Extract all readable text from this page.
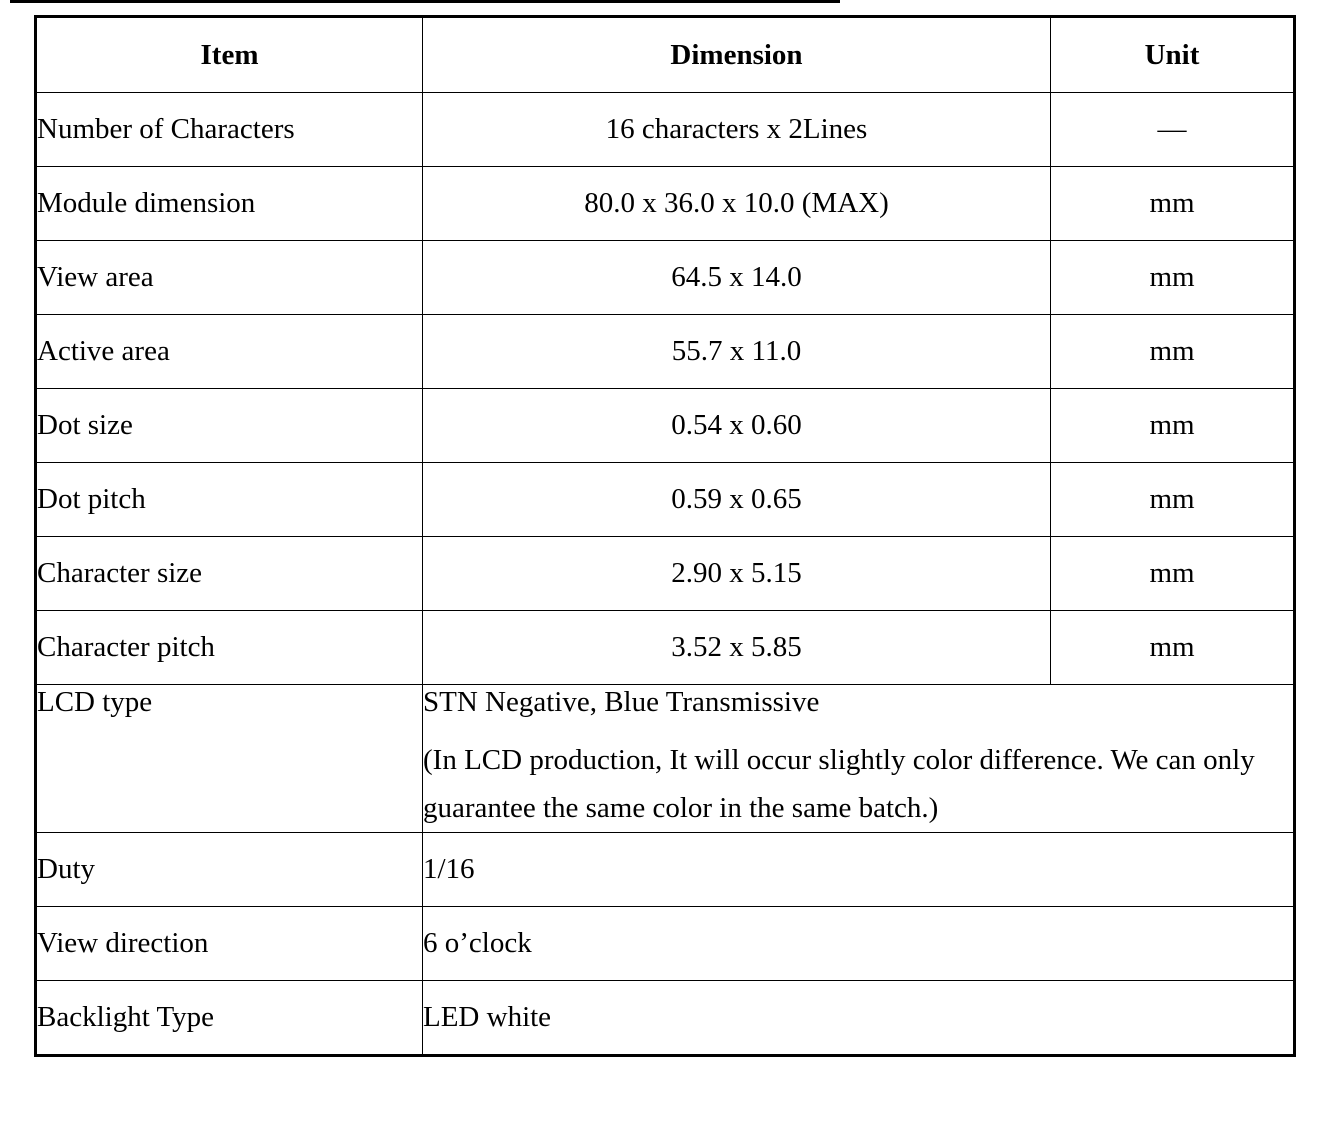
Item	Dimension	Unit
Number of Characters	16 characters x 2Lines	—
Module dimension	80.0 x 36.0 x 10.0 (MAX)	mm
View area	64.5 x 14.0	mm
Active area	55.7 x 11.0	mm
Dot size	0.54 x 0.60	mm
Dot pitch	0.59 x 0.65	mm
Character size	2.90 x 5.15	mm
Character pitch	3.52 x 5.85	mm
LCD type	STN Negative, Blue Transmissive
(In LCD production, It will occur slightly color difference. We can only guarantee the same color in the same batch.)	

Duty	1/16	
View direction	6 o’clock	
Backlight Type	LED white	
